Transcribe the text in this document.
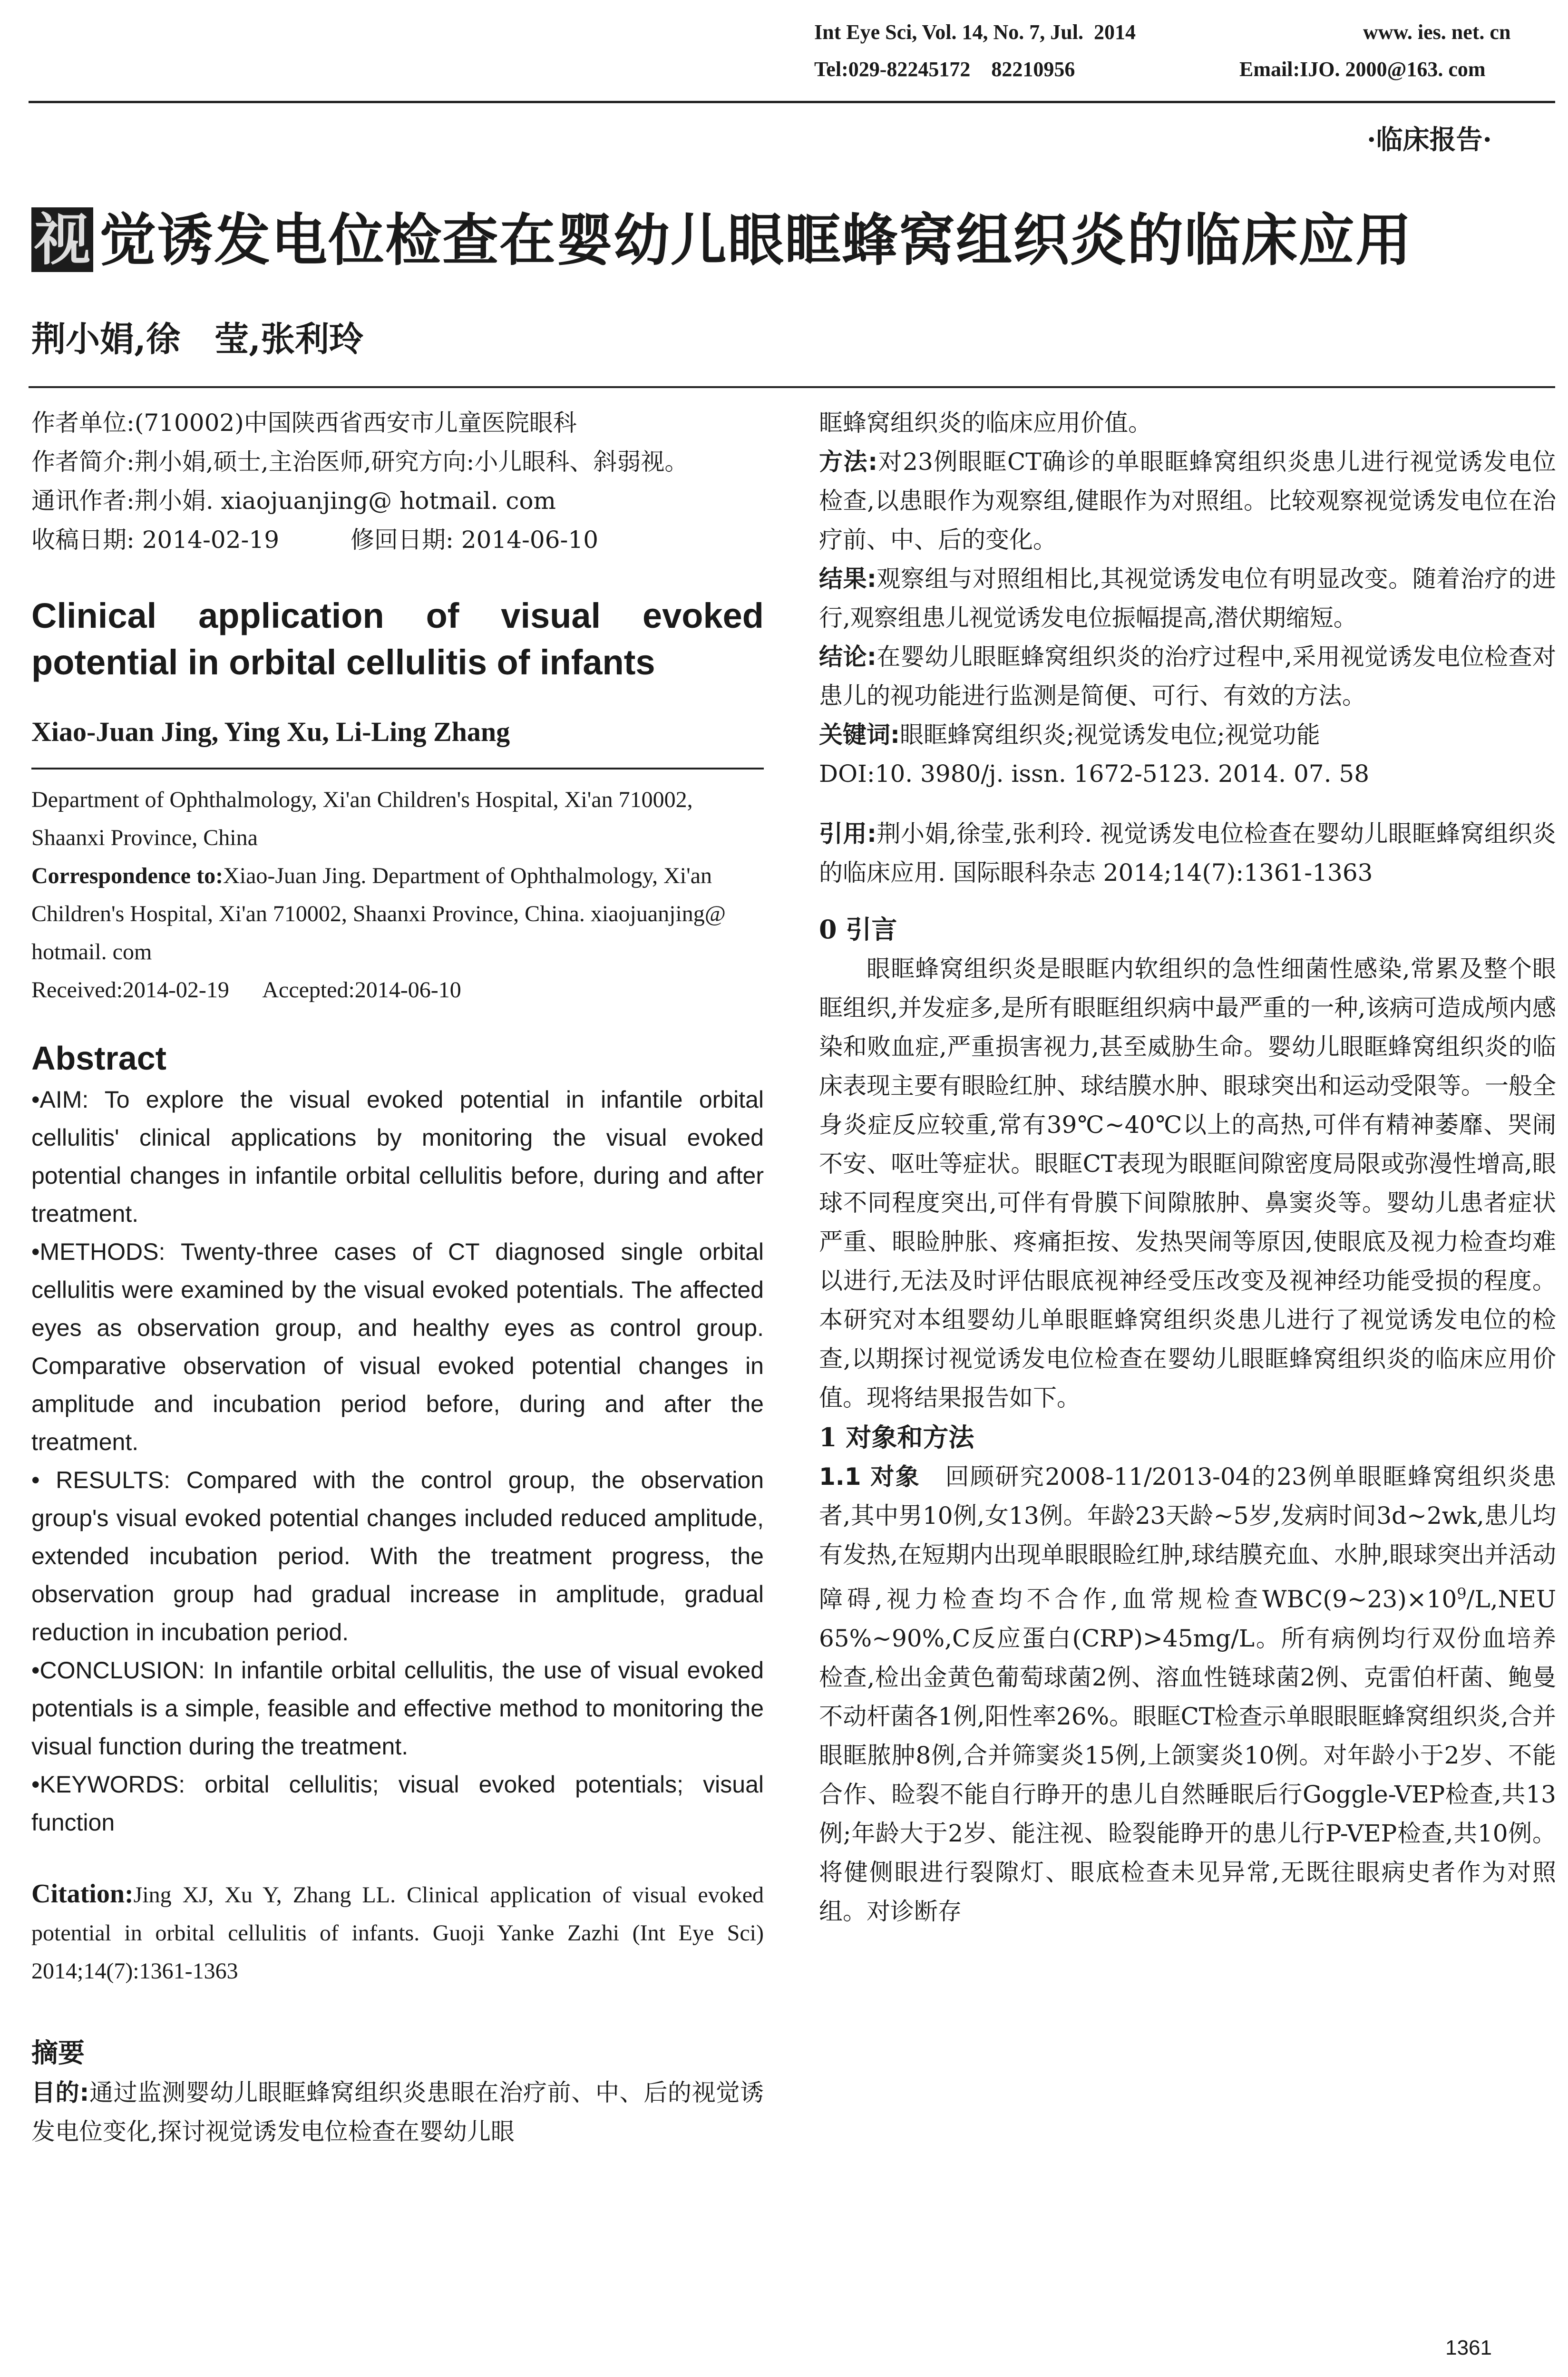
Int Eye Sci, Vol. 14, No. 7, Jul.  2014	www. ies. net. cn
Tel:029-82245172    82210956	Email:IJO. 2000@163. com
·临床报告·
视 觉诱发电位检查在婴幼儿眼眶蜂窝组织炎的临床应用
荆小娟,徐　莹,张利玲

作者单位:(710002)中国陕西省西安市儿童医院眼科

作者简介:荆小娟,硕士,主治医师,研究方向:小儿眼科、斜弱视。

通讯作者:荆小娟. xiaojuanjing@ hotmail. com

收稿日期: 2014-02-19　　　修回日期: 2014-06-10

Clinical application of visual evoked potential in orbital cellulitis of infants

Xiao-Juan Jing, Ying Xu, Li-Ling Zhang

Department of Ophthalmology, Xi'an Children's Hospital, Xi'an 710002, Shaanxi Province, China

Correspondence to:Xiao-Juan Jing. Department of Ophthalmology, Xi'an Children's Hospital, Xi'an 710002, Shaanxi Province, China. xiaojuanjing@ hotmail. com

Received:2014-02-19      Accepted:2014-06-10

Abstract

•AIM: To explore the visual evoked potential in infantile orbital cellulitis' clinical applications by monitoring the visual evoked potential changes in infantile orbital cellulitis before, during and after treatment.

•METHODS: Twenty-three cases of CT diagnosed single orbital cellulitis were examined by the visual evoked potentials. The affected eyes as observation group, and healthy eyes as control group. Comparative observation of visual evoked potential changes in amplitude and incubation period before, during and after the treatment.

• RESULTS: Compared with the control group, the observation group's visual evoked potential changes included reduced amplitude, extended incubation period. With the treatment progress, the observation group had gradual increase in amplitude, gradual reduction in incubation period.

•CONCLUSION: In infantile orbital cellulitis, the use of visual evoked potentials is a simple, feasible and effective method to monitoring the visual function during the treatment.

•KEYWORDS: orbital cellulitis; visual evoked potentials; visual function

Citation:Jing XJ, Xu Y, Zhang LL. Clinical application of visual evoked potential in orbital cellulitis of infants. Guoji Yanke Zazhi (Int Eye Sci) 2014;14(7):1361-1363

摘要

目的:通过监测婴幼儿眼眶蜂窝组织炎患眼在治疗前、中、后的视觉诱发电位变化,探讨视觉诱发电位检查在婴幼儿眼

眶蜂窝组织炎的临床应用价值。

方法:对23例眼眶CT确诊的单眼眶蜂窝组织炎患儿进行视觉诱发电位检查,以患眼作为观察组,健眼作为对照组。比较观察视觉诱发电位在治疗前、中、后的变化。

结果:观察组与对照组相比,其视觉诱发电位有明显改变。随着治疗的进行,观察组患儿视觉诱发电位振幅提高,潜伏期缩短。

结论:在婴幼儿眼眶蜂窝组织炎的治疗过程中,采用视觉诱发电位检查对患儿的视功能进行监测是简便、可行、有效的方法。

关键词:眼眶蜂窝组织炎;视觉诱发电位;视觉功能

DOI:10. 3980/j. issn. 1672-5123. 2014. 07. 58

引用:荆小娟,徐莹,张利玲. 视觉诱发电位检查在婴幼儿眼眶蜂窝组织炎的临床应用. 国际眼科杂志 2014;14(7):1361-1363

0 引言

眼眶蜂窝组织炎是眼眶内软组织的急性细菌性感染,常累及整个眼眶组织,并发症多,是所有眼眶组织病中最严重的一种,该病可造成颅内感染和败血症,严重损害视力,甚至威胁生命。婴幼儿眼眶蜂窝组织炎的临床表现主要有眼睑红肿、球结膜水肿、眼球突出和运动受限等。一般全身炎症反应较重,常有39℃~40℃以上的高热,可伴有精神萎靡、哭闹不安、呕吐等症状。眼眶CT表现为眼眶间隙密度局限或弥漫性增高,眼球不同程度突出,可伴有骨膜下间隙脓肿、鼻窦炎等。婴幼儿患者症状严重、眼睑肿胀、疼痛拒按、发热哭闹等原因,使眼底及视力检查均难以进行,无法及时评估眼底视神经受压改变及视神经功能受损的程度。本研究对本组婴幼儿单眼眶蜂窝组织炎患儿进行了视觉诱发电位的检查,以期探讨视觉诱发电位检查在婴幼儿眼眶蜂窝组织炎的临床应用价值。现将结果报告如下。

1 对象和方法

1.1 对象　 回顾研究2008-11/2013-04的23例单眼眶蜂窝组织炎患者,其中男10例,女13例。年龄23天龄~5岁,发病时间3d~2wk,患儿均有发热,在短期内出现单眼眼睑红肿,球结膜充血、水肿,眼球突出并活动障碍,视力检查均不合作,血常规检查$WBC(9\sim 23)\times 10^9/L,NEU$ 65%~90%,C反应蛋白(CRP)>45mg/L。所有病例均行双份血培养检查,检出金黄色葡萄球菌2例、溶血性链球菌2例、克雷伯杆菌、鲍曼不动杆菌各1例,阳性率26%。眼眶CT检查示单眼眼眶蜂窝组织炎,合并眼眶脓肿8例,合并筛窦炎15例,上颌窦炎10例。对年龄小于2岁、不能合作、睑裂不能自行睁开的患儿自然睡眠后行Goggle-VEP检查,共13例;年龄大于2岁、能注视、睑裂能睁开的患儿行P-VEP检查,共10例。将健侧眼进行裂隙灯、眼底检查未见异常,无既往眼病史者作为对照组。对诊断存

1361
